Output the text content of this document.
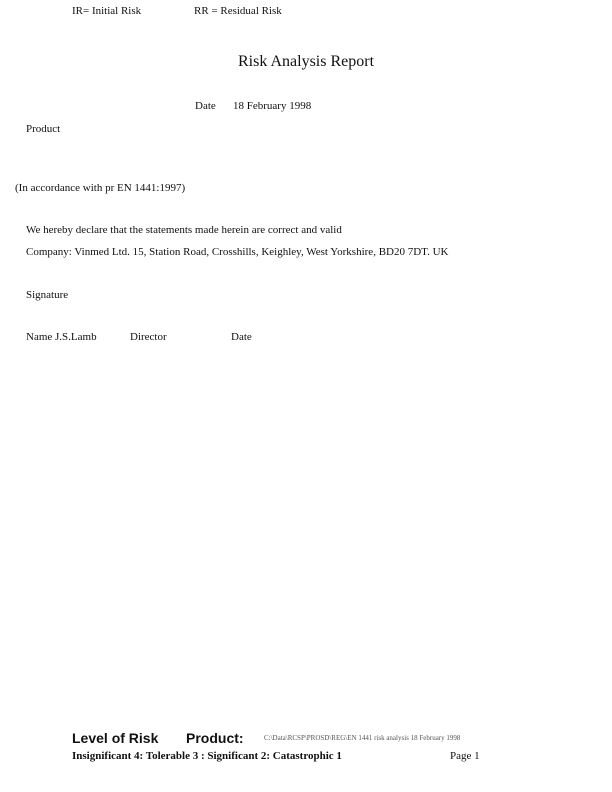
IR= Initial Risk	RR = Residual Risk
Risk Analysis Report
Date 18 February 1998
Product
(In accordance with pr EN 1441:1997)
We hereby declare that the statements made herein are correct and valid
Company: Vinmed Ltd. 15, Station Road, Crosshills, Keighley, West Yorkshire, BD20 7DT. UK
Signature
Name J.S.Lamb	Director	Date
Level of Risk Product:	C:\Data\RCSP\PROSD\REG\EN 1441 risk analysis 18 February 1998
Insignificant 4: Tolerable 3 : Significant 2: Catastrophic 1	Page 1
